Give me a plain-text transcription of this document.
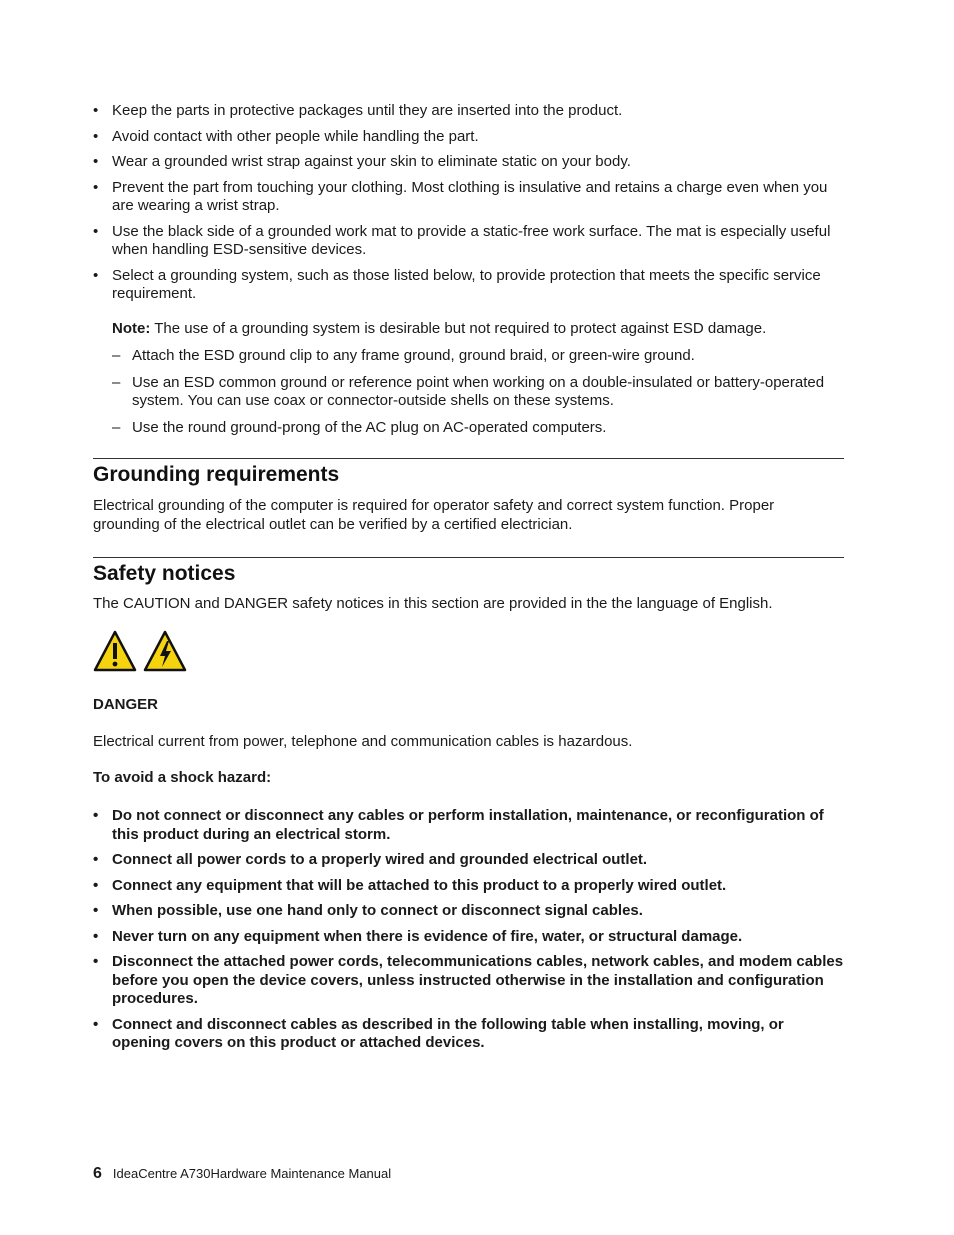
• Keep the parts in protective packages until they are inserted into the product.
• Avoid contact with other people while handling the part.
• Wear a grounded wrist strap against your skin to eliminate static on your body.
• Prevent the part from touching your clothing. Most clothing is insulative and retains a charge even when you are wearing a wrist strap.
• Use the black side of a grounded work mat to provide a static-free work surface. The mat is especially useful when handling ESD-sensitive devices.
• Select a grounding system, such as those listed below, to provide protection that meets the specific service requirement.
Note: The use of a grounding system is desirable but not required to protect against ESD damage.
– Attach the ESD ground clip to any frame ground, ground braid, or green-wire ground.
– Use an ESD common ground or reference point when working on a double-insulated or battery-operated system. You can use coax or connector-outside shells on these systems.
– Use the round ground-prong of the AC plug on AC-operated computers.
Grounding requirements

Electrical grounding of the computer is required for operator safety and correct system function. Proper grounding of the electrical outlet can be verified by a certified electrician.

Safety notices

The CAUTION and DANGER safety notices in this section are provided in the the language of English.

DANGER

Electrical current from power, telephone and communication cables is hazardous.

To avoid a shock hazard:

• Do not connect or disconnect any cables or perform installation, maintenance, or reconfiguration of this product during an electrical storm.
• Connect all power cords to a properly wired and grounded electrical outlet.
• Connect any equipment that will be attached to this product to a properly wired outlet.
• When possible, use one hand only to connect or disconnect signal cables.
• Never turn on any equipment when there is evidence of fire, water, or structural damage.
• Disconnect the attached power cords, telecommunications cables, network cables, and modem cables before you open the device covers, unless instructed otherwise in the installation and configuration procedures.
• Connect and disconnect cables as described in the following table when installing, moving, or opening covers on this product or attached devices.
6 IdeaCentre A730Hardware Maintenance Manual
